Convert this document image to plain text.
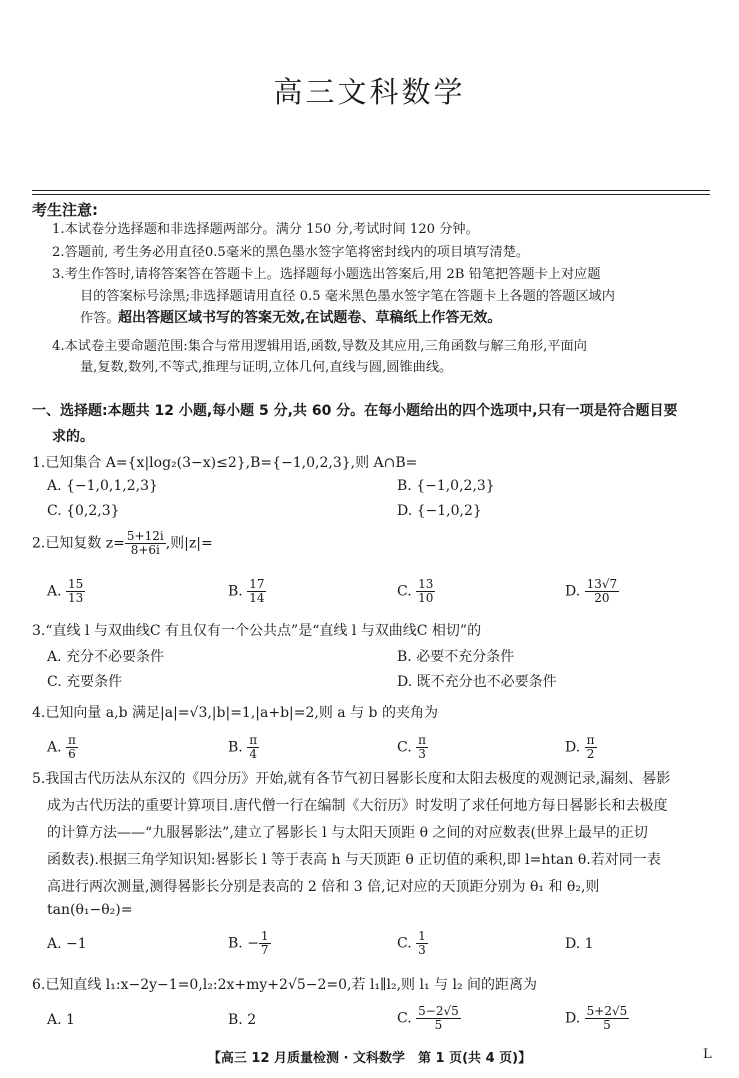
高三文科数学
考生注意:
1.本试卷分选择题和非选择题两部分。满分 150 分,考试时间 120 分钟。
2.答题前, 考生务必用直径0.5毫米的黑色墨水签字笔将密封线内的项目填写清楚。
3.考生作答时,请将答案答在答题卡上。选择题每小题选出答案后,用 2B 铅笔把答题卡上对应题
目的答案标号涂黑;非选择题请用直径 0.5 毫米黑色墨水签字笔在答题卡上各题的答题区域内
作答。
超出答题区域书写的答案无效,在试题卷、草稿纸上作答无效。
4.本试卷主要命题范围:集合与常用逻辑用语,函数,导数及其应用,三角函数与解三角形,平面向
量,复数,数列,不等式,推理与证明,立体几何,直线与圆,圆锥曲线。
一、选择题:本题共 12 小题,每小题 5 分,共 60 分。在每小题给出的四个选项中,只有一项是符合题目要
求的。
1.已知集合 A={x|log₂(3−x)≤2},B={−1,0,2,3},则 A∩B=
A. {−1,0,1,2,3}	B. {−1,0,2,3}
C. {0,2,3}	D. {−1,0,2}
2.已知复数 $z= \frac{5+12i}{8+6i}$ ,则|z|=
A. $\frac{15}{13}$	B. $\frac{17}{14}$	C. $\frac{13}{10}$	D. $\frac{13√7}{20}$
3.“直线 l 与双曲线C 有且仅有一个公共点”是“直线 l 与双曲线C 相切”的
A. 充分不必要条件	B. 必要不充分条件
C. 充要条件	D. 既不充分也不必要条件
4.已知向量 a,b 满足|a|=√3,|b|=1,|a+b|=2,则 a 与 b 的夹角为
A. $\frac{\pi}{6}$	B. $\frac{\pi}{4}$	C. $\frac{\pi}{3}$	D. $\frac{\pi}{2}$
5.我国古代历法从东汉的《四分历》开始,就有各节气初日晷影长度和太阳去极度的观测记录,漏刻、晷影
成为古代历法的重要计算项目.唐代僧一行在编制《大衍历》时发明了求任何地方每日晷影长和去极度
的计算方法——“九服晷影法”,建立了晷影长 l 与太阳天顶距 θ 之间的对应数表(世界上最早的正切
函数表).根据三角学知识知:晷影长 l 等于表高 h 与天顶距 θ 正切值的乘积,即 l=htan θ.若对同一表
高进行两次测量,测得晷影长分别是表高的 2 倍和 3 倍,记对应的天顶距分别为 θ₁ 和 θ₂,则
tan(θ₁−θ₂)=
A. −1	B. − $\frac{1}{7}$	C. $\frac{1}{3}$	D. 1
6.已知直线 l₁:x−2y−1=0,l₂:2x+my+2√5−2=0,若 l₁∥l₂,则 l₁ 与 l₂ 间的距离为
A. 1	B. 2	C. $\frac{5-2√5}{5}$	D. $\frac{5+2√5}{5}$
【高三 12 月质量检测 · 文科数学　第 1 页(共 4 页)】	L
